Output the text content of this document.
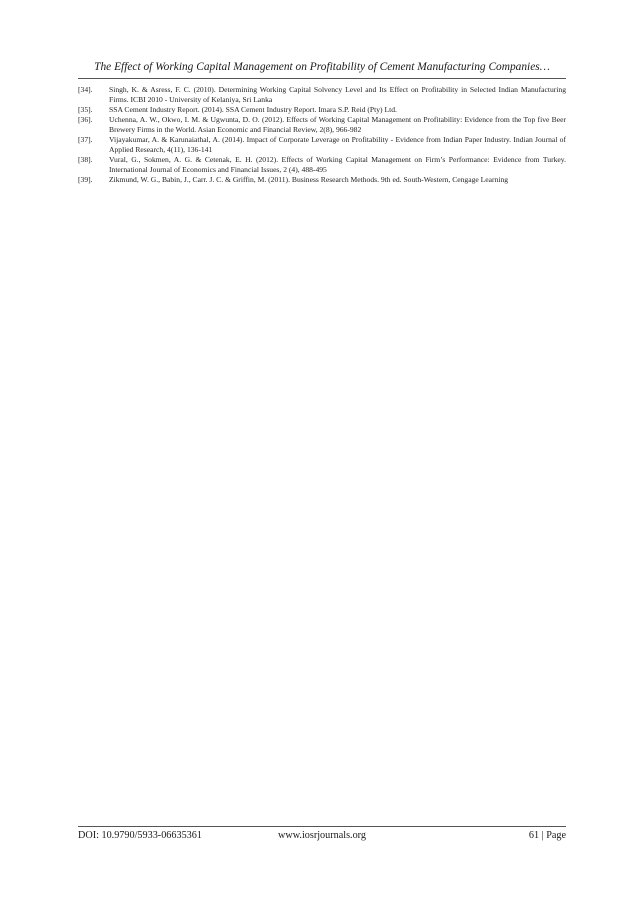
The Effect of Working Capital Management on Profitability of Cement Manufacturing Companies…
[34].	Singh, K. & Asress, F. C. (2010). Determining Working Capital Solvency Level and Its Effect on Profitability in Selected Indian Manufacturing Firms. ICBI 2010 - University of Kelaniya, Sri Lanka
[35].	SSA Cement Industry Report. (2014). SSA Cement Industry Report. Imara S.P. Reid (Pty) Ltd.
[36].	Uchenna, A. W., Okwo, I. M. & Ugwunta, D. O. (2012). Effects of Working Capital Management on Profitability: Evidence from the Top five Beer Brewery Firms in the World. Asian Economic and Financial Review, 2(8), 966-982
[37].	Vijayakumar, A. & Karunaiathal, A. (2014). Impact of Corporate Leverage on Profitability - Evidence from Indian Paper Industry. Indian Journal of Applied Research, 4(11), 136-141
[38].	Vural, G., Sokmen, A. G. & Cetenak, E. H. (2012). Effects of Working Capital Management on Firm’s Performance: Evidence from Turkey. International Journal of Economics and Financial Issues, 2 (4), 488-495
[39].	Zikmund, W. G., Babin, J., Carr. J. C. & Griffin, M. (2011). Business Research Methods. 9th ed. South-Western, Cengage Learning
DOI: 10.9790/5933-06635361	www.iosrjournals.org	61 | Page
